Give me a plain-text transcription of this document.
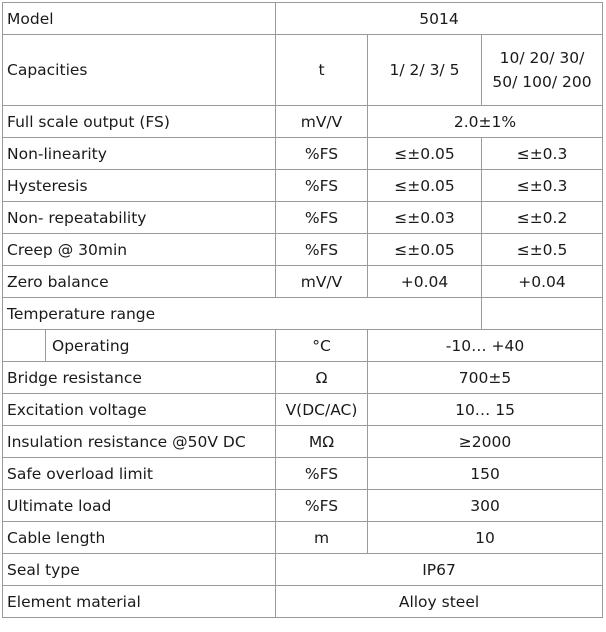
Model	5014		
Capacities	t	1/ 2/ 3/ 5	10/ 20/ 30/ 50/ 100/ 200
Full scale output (FS)	mV/V	2.0±1%	
Non-linearity	%FS	≤±0.05	≤±0.3
Hysteresis	%FS	≤±0.05	≤±0.3
Non- repeatability	%FS	≤±0.03	≤±0.2
Creep @ 30min	%FS	≤±0.05	≤±0.5
Zero balance	mV/V	+0.04	+0.04
Temperature range			

Operating	°C	-10… +40	
Bridge resistance	Ω	700±5	
Excitation voltage	V(DC/AC)	10… 15	
Insulation resistance @50V DC	MΩ	≥2000	
Safe overload limit	%FS	150	
Ultimate load	%FS	300	
Cable length	m	10	
Seal type	IP67		
Element material	Alloy steel		
